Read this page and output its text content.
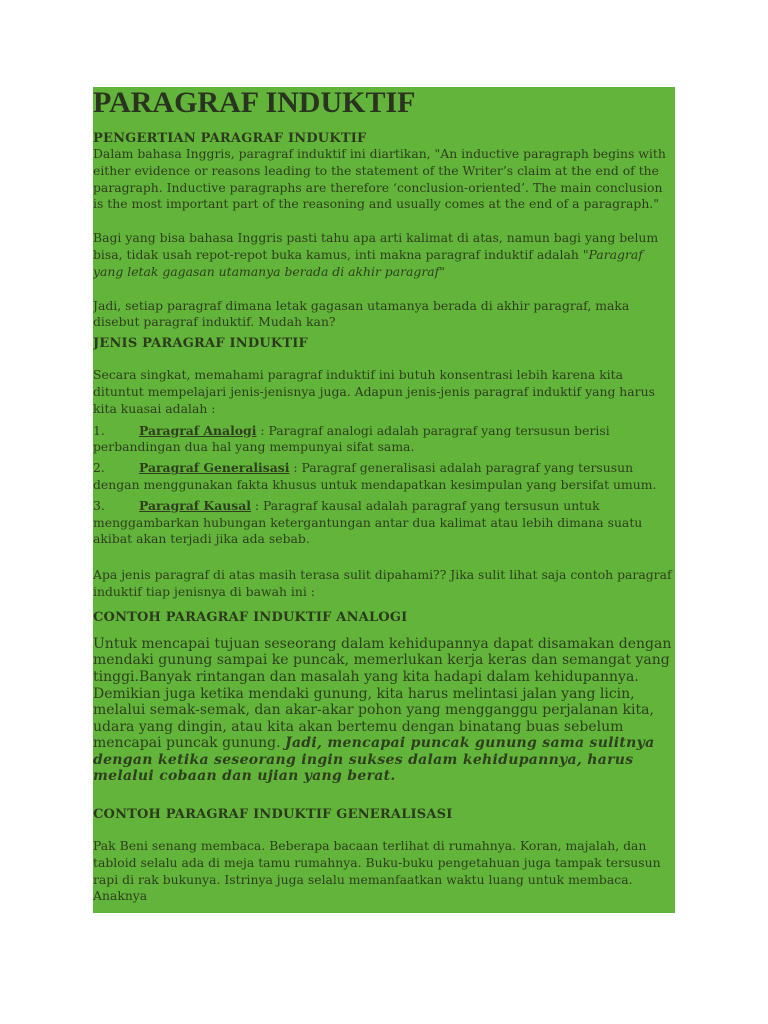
PARAGRAF INDUKTIF
PENGERTIAN PARAGRAF INDUKTIF

Dalam bahasa Inggris, paragraf induktif ini diartikan, "An inductive paragraph begins with either evidence or reasons leading to the statement of the Writer’s claim at the end of the paragraph. Inductive paragraphs are therefore ‘conclusion-oriented’. The main conclusion is the most important part of the reasoning and usually comes at the end of a paragraph."

Bagi yang bisa bahasa Inggris pasti tahu apa arti kalimat di atas, namun bagi yang belum bisa, tidak usah repot-repot buka kamus, inti makna paragraf induktif adalah "Paragraf yang letak gagasan utamanya berada di akhir paragraf"

Jadi, setiap paragraf dimana letak gagasan utamanya berada di akhir paragraf, maka disebut paragraf induktif. Mudah kan?

JENIS PARAGRAF INDUKTIF

Secara singkat, memahami paragraf induktif ini butuh konsentrasi lebih karena kita dituntut mempelajari jenis-jenisnya juga. Adapun jenis-jenis paragraf induktif yang harus kita kuasai adalah :

1.	Paragraf Analogi : Paragraf analogi adalah paragraf yang tersusun berisi perbandingan dua hal yang mempunyai sifat sama.

2.	Paragraf Generalisasi : Paragraf generalisasi adalah paragraf yang tersusun dengan menggunakan fakta khusus untuk mendapatkan kesimpulan yang bersifat umum.

3.	Paragraf Kausal : Paragraf kausal adalah paragraf yang tersusun untuk menggambarkan hubungan ketergantungan antar dua kalimat atau lebih dimana suatu akibat akan terjadi jika ada sebab.

Apa jenis paragraf di atas masih terasa sulit dipahami?? Jika sulit lihat saja contoh paragraf induktif tiap jenisnya di bawah ini :

CONTOH PARAGRAF INDUKTIF ANALOGI

Untuk mencapai tujuan seseorang dalam kehidupannya dapat disamakan dengan mendaki gunung sampai ke puncak, memerlukan kerja keras dan semangat yang tinggi.Banyak rintangan dan masalah yang kita hadapi dalam kehidupannya. Demikian juga ketika mendaki gunung, kita harus melintasi jalan yang licin, melalui semak-semak, dan akar-akar pohon yang mengganggu perjalanan kita, udara yang dingin, atau kita akan bertemu dengan binatang buas sebelum mencapai puncak gunung. Jadi, mencapai puncak gunung sama sulitnya dengan ketika seseorang ingin sukses dalam kehidupannya, harus melalui cobaan dan ujian yang berat.

CONTOH PARAGRAF INDUKTIF GENERALISASI

Pak Beni senang membaca. Beberapa bacaan terlihat di rumahnya. Koran, majalah, dan tabloid selalu ada di meja tamu rumahnya. Buku-buku pengetahuan juga tampak tersusun rapi di rak bukunya. Istrinya juga selalu memanfaatkan waktu luang untuk membaca. Anaknya
